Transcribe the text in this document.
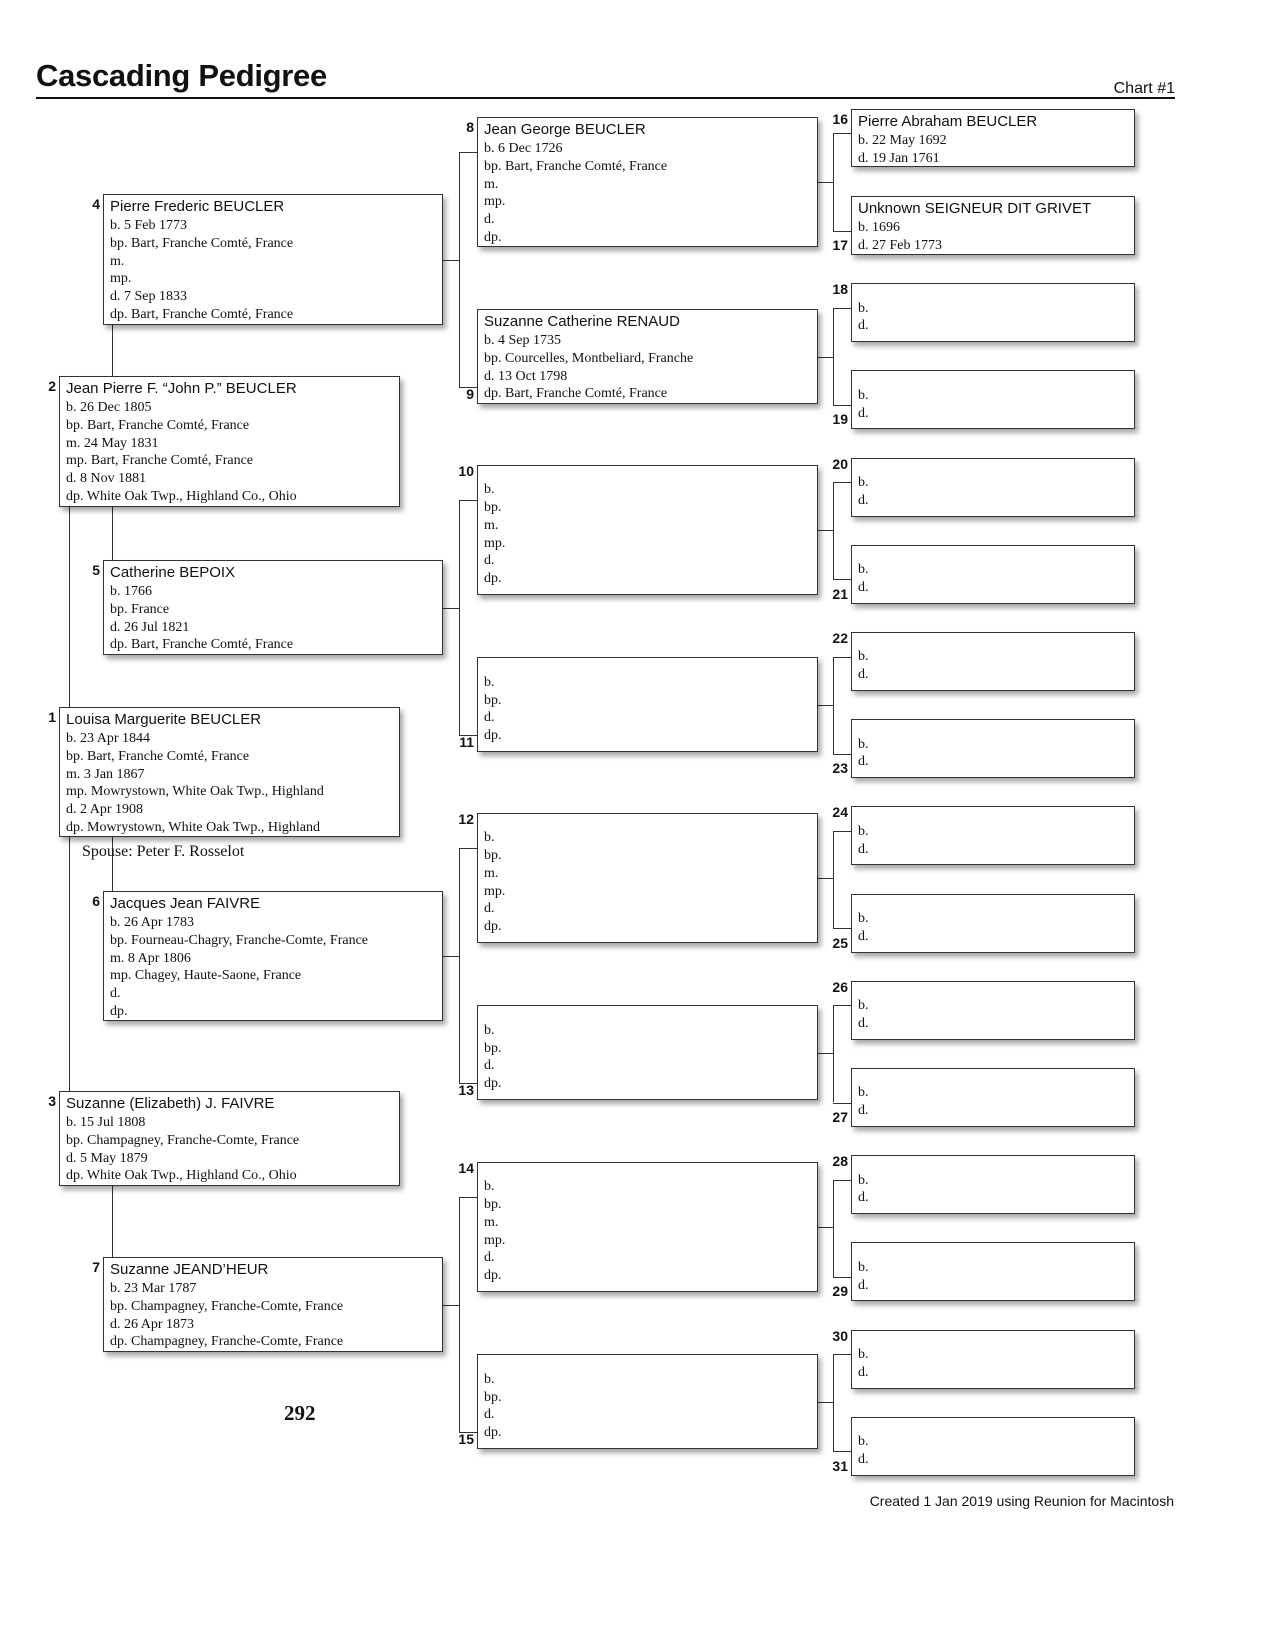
Cascading Pedigree	Chart #1
Louisa Marguerite BEUCLER
b. 23 Apr 1844
bp. Bart, Franche Comté, France
m. 3 Jan 1867
mp. Mowrystown, White Oak Twp., Highland
d. 2 Apr 1908
dp. Mowrystown, White Oak Twp., Highland
1
Jean Pierre F. “John P.” BEUCLER
b. 26 Dec 1805
bp. Bart, Franche Comté, France
m. 24 May 1831
mp. Bart, Franche Comté, France
d. 8 Nov 1881
dp. White Oak Twp., Highland Co., Ohio
2
Suzanne (Elizabeth) J. FAIVRE
b. 15 Jul 1808
bp. Champagney, Franche-Comte, France
d. 5 May 1879
dp. White Oak Twp., Highland Co., Ohio
3
Pierre Frederic BEUCLER
b. 5 Feb 1773
bp. Bart, Franche Comté, France
m.
mp.
d. 7 Sep 1833
dp. Bart, Franche Comté, France
4
Catherine BEPOIX
b. 1766
bp. France
d. 26 Jul 1821
dp. Bart, Franche Comté, France
5
Jacques Jean FAIVRE
b. 26 Apr 1783
bp. Fourneau-Chagry, Franche-Comte, France
m. 8 Apr 1806
mp. Chagey, Haute-Saone, France
d.
dp.
6
Suzanne JEAND’HEUR
b. 23 Mar 1787
bp. Champagney, Franche-Comte, France
d. 26 Apr 1873
dp. Champagney, Franche-Comte, France
7
Jean George BEUCLER
b. 6 Dec 1726
bp. Bart, Franche Comté, France
m.
mp.
d.
dp.
8
Suzanne Catherine RENAUD
b. 4 Sep 1735
bp. Courcelles, Montbeliard, Franche
d. 13 Oct 1798
dp. Bart, Franche Comté, France
9
b.
bp.
m.
mp.
d.
dp.
10
b.
bp.
d.
dp.
11
b.
bp.
m.
mp.
d.
dp.
12
b.
bp.
d.
dp.
13
b.
bp.
m.
mp.
d.
dp.
14
b.
bp.
d.
dp.
15
Pierre Abraham BEUCLER
b. 22 May 1692
d. 19 Jan 1761
16
Unknown SEIGNEUR DIT GRIVET
b. 1696
d. 27 Feb 1773
17
b.
d.
18
b.
d.
19
b.
d.
20
b.
d.
21
b.
d.
22
b.
d.
23
b.
d.
24
b.
d.
25
b.
d.
26
b.
d.
27
b.
d.
28
b.
d.
29
b.
d.
30
b.
d.
31
Spouse: Peter F. Rosselot
292
Created 1 Jan 2019 using Reunion for Macintosh
